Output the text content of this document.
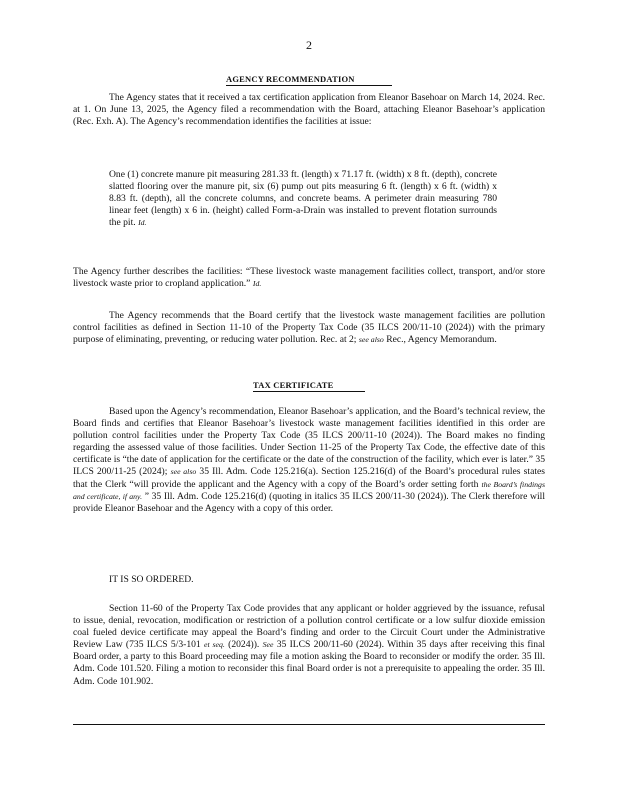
2
AGENCY RECOMMENDATION

The Agency states that it received a tax certification application from Eleanor Basehoar on March 14, 2024. Rec. at 1. On June 13, 2025, the Agency filed a recommendation with the Board, attaching Eleanor Basehoar’s application (Rec. Exh. A). The Agency’s recommendation identifies the facilities at issue:

One (1) concrete manure pit measuring 281.33 ft. (length) x 71.17 ft. (width) x 8 ft. (depth), concrete slatted flooring over the manure pit, six (6) pump out pits measuring 6 ft. (length) x 6 ft. (width) x 8.83 ft. (depth), all the concrete columns, and concrete beams. A perimeter drain measuring 780 linear feet (length) x 6 in. (height) called Form-a-Drain was installed to prevent flotation surrounds the pit. Id.

The Agency further describes the facilities: “These livestock waste management facilities collect, transport, and/or store livestock waste prior to cropland application.” Id.

The Agency recommends that the Board certify that the livestock waste management facilities are pollution control facilities as defined in Section 11-10 of the Property Tax Code (35 ILCS 200/11-10 (2024)) with the primary purpose of eliminating, preventing, or reducing water pollution. Rec. at 2; see also Rec., Agency Memorandum.

TAX CERTIFICATE

Based upon the Agency’s recommendation, Eleanor Basehoar’s application, and the Board’s technical review, the Board finds and certifies that Eleanor Basehoar’s livestock waste management facilities identified in this order are pollution control facilities under the Property Tax Code (35 ILCS 200/11-10 (2024)). The Board makes no finding regarding the assessed value of those facilities. Under Section 11-25 of the Property Tax Code, the effective date of this certificate is “the date of application for the certificate or the date of the construction of the facility, which ever is later.” 35 ILCS 200/11-25 (2024); see also 35 Ill. Adm. Code 125.216(a). Section 125.216(d) of the Board’s procedural rules states that the Clerk “will provide the applicant and the Agency with a copy of the Board’s order setting forth the Board’s findings and certificate, if any. ” 35 Ill. Adm. Code 125.216(d) (quoting in italics 35 ILCS 200/11-30 (2024)). The Clerk therefore will provide Eleanor Basehoar and the Agency with a copy of this order.

IT IS SO ORDERED.

Section 11-60 of the Property Tax Code provides that any applicant or holder aggrieved by the issuance, refusal to issue, denial, revocation, modification or restriction of a pollution control certificate or a low sulfur dioxide emission coal fueled device certificate may appeal the Board’s finding and order to the Circuit Court under the Administrative Review Law (735 ILCS 5/3-101 et seq. (2024)). See 35 ILCS 200/11-60 (2024). Within 35 days after receiving this final Board order, a party to this Board proceeding may file a motion asking the Board to reconsider or modify the order. 35 Ill. Adm. Code 101.520. Filing a motion to reconsider this final Board order is not a prerequisite to appealing the order. 35 Ill. Adm. Code 101.902.
